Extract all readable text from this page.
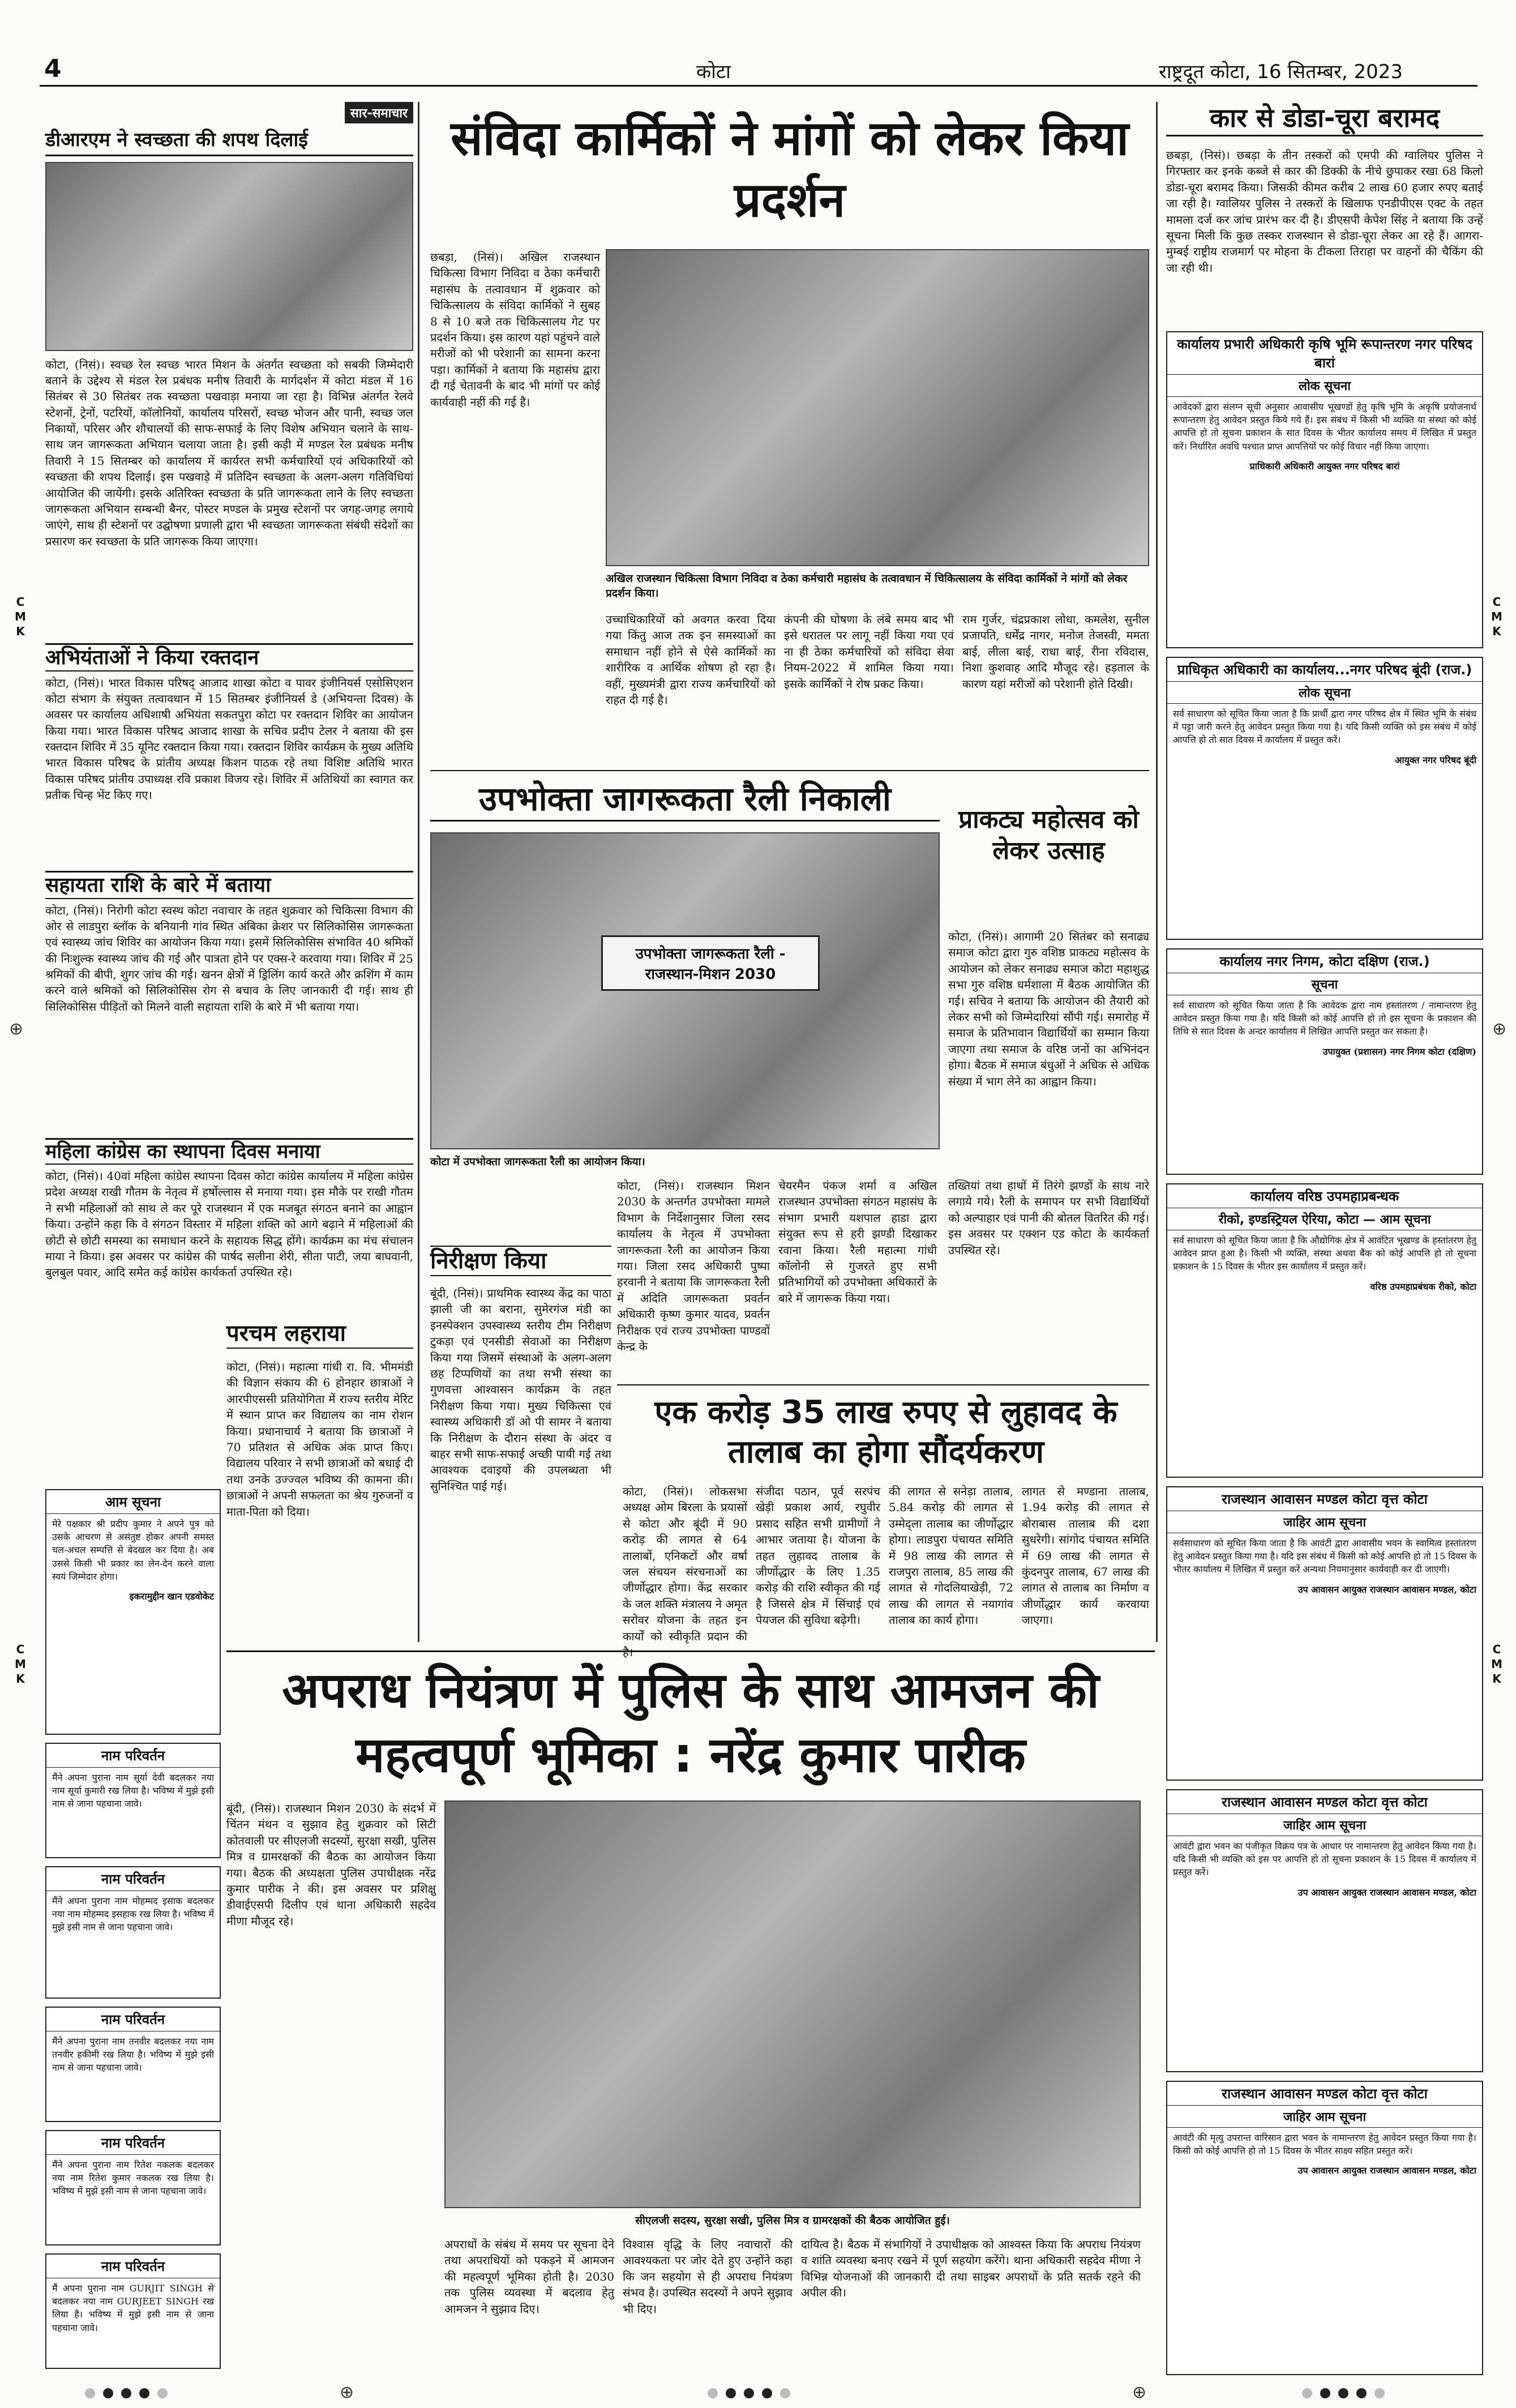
4	कोटा	राष्ट्रदूत कोटा, 16 सितम्बर, 2023
C
M
K
C
M
K
C
M
K
C
M
K
⊕	⊕
सार-समाचार
डीआरएम ने स्वच्छता की शपथ दिलाई
कोटा, (निसं)। स्वच्छ रेल स्वच्छ भारत मिशन के अंतर्गत स्वच्छता को सबकी जिम्मेदारी बताने के उद्देश्य से मंडल रेल प्रबंधक मनीष तिवारी के मार्गदर्शन में कोटा मंडल में 16 सितंबर से 30 सितंबर तक स्वच्छता पखवाड़ा मनाया जा रहा है। विभिन्न अंतर्गत रेलवे स्टेशनों, ट्रेनों, पटरियों, कॉलोनियों, कार्यालय परिसरों, स्वच्छ भोजन और पानी, स्वच्छ जल निकायों, परिसर और शौचालयों की साफ-सफाई के लिए विशेष अभियान चलाने के साथ-साथ जन जागरूकता अभियान चलाया जाता है। इसी कड़ी में मण्डल रेल प्रबंधक मनीष तिवारी ने 15 सितम्बर को कार्यालय में कार्यरत सभी कर्मचारियों एवं अधिकारियों को स्वच्छता की शपथ दिलाई। इस पखवाड़े में प्रतिदिन स्वच्छता के अलग-अलग गतिविधियां आयोजित की जायेंगी। इसके अतिरिक्त स्वच्छता के प्रति जागरूकता लाने के लिए स्वच्छता जागरूकता अभियान सम्बन्धी बैनर, पोस्टर मण्डल के प्रमुख स्टेशनों पर जगह-जगह लगाये जाएंगे, साथ ही स्टेशनों पर उद्घोषणा प्रणाली द्वारा भी स्वच्छता जागरूकता संबंधी संदेशों का प्रसारण कर स्वच्छता के प्रति जागरूक किया जाएगा।
अभियंताओं ने किया रक्तदान
कोटा, (निसं)। भारत विकास परिषद् आजाद शाखा कोटा व पावर इंजीनियर्स एसोसिएशन कोटा संभाग के संयुक्त तत्वावधान में 15 सितम्बर इंजीनियर्स डे (अभियन्ता दिवस) के अवसर पर कार्यालय अधिशाषी अभियंता सकतपुरा कोटा पर रक्तदान शिविर का आयोजन किया गया। भारत विकास परिषद आजाद शाखा के सचिव प्रदीप टेलर ने बताया की इस रक्तदान शिविर में 35 यूनिट रक्तदान किया गया। रक्तदान शिविर कार्यक्रम के मुख्य अतिथि भारत विकास परिषद के प्रांतीय अध्यक्ष किशन पाठक रहे तथा विशिष्ट अतिथि भारत विकास परिषद प्रांतीय उपाध्यक्ष रवि प्रकाश विजय रहे। शिविर में अतिथियों का स्वागत कर प्रतीक चिन्ह भेंट किए गए।
सहायता राशि के बारे में बताया
कोटा, (निसं)। निरोगी कोटा स्वस्थ कोटा नवाचार के तहत शुक्रवार को चिकित्सा विभाग की ओर से लाडपुरा ब्लॉक के बनियानी गांव स्थित अंबिका क्रेशर पर सिलिकोसिस जागरूकता एवं स्वास्थ्य जांच शिविर का आयोजन किया गया। इसमें सिलिकोसिस संभावित 40 श्रमिकों की निःशुल्क स्वास्थ्य जांच की गई और पात्रता होने पर एक्स-रे करवाया गया। शिविर में 25 श्रमिकों की बीपी, शुगर जांच की गई। खनन क्षेत्रों में ड्रिलिंग कार्य करते और क्रशिंग में काम करने वाले श्रमिकों को सिलिकोसिस रोग से बचाव के लिए जानकारी दी गई। साथ ही सिलिकोसिस पीड़ितों को मिलने वाली सहायता राशि के बारे में भी बताया गया।
महिला कांग्रेस का स्थापना दिवस मनाया
कोटा, (निसं)। 40वां महिला कांग्रेस स्थापना दिवस कोटा कांग्रेस कार्यालय में महिला कांग्रेस प्रदेश अध्यक्ष राखी गौतम के नेतृत्व में हर्षोल्लास से मनाया गया। इस मौके पर राखी गौतम ने सभी महिलाओं को साथ ले कर पूरे राजस्थान में एक मजबूत संगठन बनाने का आह्वान किया। उन्होंने कहा कि वे संगठन विस्तार में महिला शक्ति को आगे बढ़ाने में महिलाओं की छोटी से छोटी समस्या का समाधान करने के सहायक सिद्ध होंगे। कार्यक्रम का मंच संचालन माया ने किया। इस अवसर पर कांग्रेस की पार्षद सलीना शेरी, सीता पाटी, जया बाघवानी, बुलबुल पवार, आदि समेत कई कांग्रेस कार्यकर्ता उपस्थित रहे।
आम सूचना
मेरे पक्षकार श्री प्रदीप कुमार ने अपने पुत्र को उसके आचरण से असंतुष्ट होकर अपनी समस्त चल-अचल सम्पत्ति से बेदखल कर दिया है। अब उससे किसी भी प्रकार का लेन-देन करने वाला स्वयं जिम्मेदार होगा।
इकरामुद्दीन खान एडवोकेट
नाम परिवर्तन
मैंने अपना पुराना नाम सूर्या देवी बदलकर नया नाम सूर्या कुमारी रख लिया है। भविष्य में मुझे इसी नाम से जाना पहचाना जावे।
नाम परिवर्तन
मैंने अपना पुराना नाम मोहम्मद इसाक बदलकर नया नाम मोहम्मद इसहाक रख लिया है। भविष्य में मुझे इसी नाम से जाना पहचाना जावे।
नाम परिवर्तन
मैंने अपना पुराना नाम तनवीर बदलकर नया नाम तनवीर हकीमी रख लिया है। भविष्य में मुझे इसी नाम से जाना पहचाना जावे।
नाम परिवर्तन
मैंने अपना पुराना नाम रितेश नकलक बदलकर नया नाम रितेश कुमार नकलक रख लिया है। भविष्य में मुझे इसी नाम से जाना पहचाना जावे।
नाम परिवर्तन
मैं अपना पुराना नाम GURJIT SINGH से बदलकर नया नाम GURJEET SINGH रख लिया है। भविष्य में मुझे इसी नाम से जाना पहचाना जावे।
संविदा कार्मिकों ने मांगों को लेकर किया प्रदर्शन
छबड़ा, (निसं)। अखिल राजस्थान चिकित्सा विभाग निविदा व ठेका कर्मचारी महासंघ के तत्वावधान में शुक्रवार को चिकित्सालय के संविदा कार्मिकों ने सुबह 8 से 10 बजे तक चिकित्सालय गेट पर प्रदर्शन किया। इस कारण यहां पहुंचने वाले मरीजों को भी परेशानी का सामना करना पड़ा। कार्मिकों ने बताया कि महासंघ द्वारा दी गई चेतावनी के बाद भी मांगों पर कोई कार्यवाही नहीं की गई है।
अखिल राजस्थान चिकित्सा विभाग निविदा व ठेका कर्मचारी महासंघ के तत्वावधान में चिकित्सालय के संविदा कार्मिकों ने मांगों को लेकर प्रदर्शन किया।
उच्चाधिकारियों को अवगत करवा दिया गया किंतु आज तक इन समस्याओं का समाधान नहीं होने से ऐसे कार्मिकों का शारीरिक व आर्थिक शोषण हो रहा है। वहीं, मुख्यमंत्री द्वारा राज्य कर्मचारियों को राहत दी गई है।
कंपनी की घोषणा के लंबे समय बाद भी इसे धरातल पर लागू नहीं किया गया एवं ना ही ठेका कर्मचारियों को संविदा सेवा नियम-2022 में शामिल किया गया। इसके कार्मिकों ने रोष प्रकट किया।
राम गुर्जर, चंद्रप्रकाश लोधा, कमलेश, सुनील प्रजापति, धर्मेंद्र नागर, मनोज तेजस्वी, ममता बाई, लीला बाई, राधा बाई, रीना रविदास, निशा कुशवाह आदि मौजूद रहे। हड़ताल के कारण यहां मरीजों को परेशानी होते दिखी।
उपभोक्ता जागरूकता रैली निकाली
उपभोक्ता जागरूकता रैली - राजस्थान-मिशन 2030
कोटा में उपभोक्ता जागरूकता रैली का आयोजन किया।
कोटा, (निसं)। राजस्थान मिशन 2030 के अन्तर्गत उपभोक्ता मामले विभाग के निर्देशानुसार जिला रसद कार्यालय के नेतृत्व में उपभोक्ता जागरूकता रैली का आयोजन किया गया। जिला रसद अधिकारी पुष्पा हरवानी ने बताया कि जागरूकता रैली में अदिति जागरूकता प्रवर्तन अधिकारी कृष्ण कुमार यादव, प्रवर्तन निरीक्षक एवं राज्य उपभोक्ता पाण्डवों केन्द्र के
चेयरमैन पंकज शर्मा व अखिल राजस्थान उपभोक्ता संगठन महासंघ के संभाग प्रभारी यशपाल हाडा द्वारा संयुक्त रूप से हरी झण्डी दिखाकर रवाना किया। रैली महात्मा गांधी कॉलोनी से गुजरते हुए सभी प्रतिभागियों को उपभोक्ता अधिकारों के बारे में जागरूक किया गया।
प्राकट्य महोत्सव को लेकर उत्साह
कोटा, (निसं)। आगामी 20 सितंबर को सनाढ्य समाज कोटा द्वारा गुरु वशिष्ठ प्राकट्य महोत्सव के आयोजन को लेकर सनाढ्य समाज कोटा महाशुद्ध सभा गुरु वशिष्ठ धर्मशाला में बैठक आयोजित की गई। सचिव ने बताया कि आयोजन की तैयारी को लेकर सभी को जिम्मेदारियां सौंपी गई। समारोह में समाज के प्रतिभावान विद्यार्थियों का सम्मान किया जाएगा तथा समाज के वरिष्ठ जनों का अभिनंदन होगा। बैठक में समाज बंधुओं ने अधिक से अधिक संख्या में भाग लेने का आह्वान किया।
तख्तियां तथा हाथों में तिरंगे झण्डों के साथ नारे लगाये गये। रैली के समापन पर सभी विद्यार्थियों को अल्पाहार एवं पानी की बोतल वितरित की गई। इस अवसर पर एक्शन एड कोटा के कार्यकर्ता उपस्थित रहे।
परचम लहराया
कोटा, (निसं)। महात्मा गांधी रा. वि. भीममंडी की विज्ञान संकाय की 6 होनहार छात्राओं ने आरपीएससी प्रतियोगिता में राज्य स्तरीय मेरिट में स्थान प्राप्त कर विद्यालय का नाम रोशन किया। प्रधानाचार्य ने बताया कि छात्राओं ने 70 प्रतिशत से अधिक अंक प्राप्त किए। विद्यालय परिवार ने सभी छात्राओं को बधाई दी तथा उनके उज्ज्वल भविष्य की कामना की। छात्राओं ने अपनी सफलता का श्रेय गुरुजनों व माता-पिता को दिया।
निरीक्षण किया
बूंदी, (निसं)। प्राथमिक स्वास्थ्य केंद्र का पाठा झाली जी का बराना, सुमेरगंज मंडी का इनस्पेक्शन उपस्वास्थ्य स्तरीय टीम निरीक्षण टुकड़ा एवं एनसीडी सेवाओं का निरीक्षण किया गया जिसमें संस्थाओं के अलग-अलग छह टिप्पणियों का तथा सभी संस्था का गुणवत्ता आश्वासन कार्यक्रम के तहत निरीक्षण किया गया। मुख्य चिकित्सा एवं स्वास्थ्य अधिकारी डॉ ओ पी सामर ने बताया कि निरीक्षण के दौरान संस्था के अंदर व बाहर सभी साफ-सफाई अच्छी पायी गई तथा आवश्यक दवाइयों की उपलब्धता भी सुनिश्चित पाई गई।
एक करोड़ 35 लाख रुपए से लुहावद के तालाब का होगा सौंदर्यकरण
कोटा, (निसं)। लोकसभा अध्यक्ष ओम बिरला के प्रयासों से कोटा और बूंदी में 90 करोड़ की लागत से 64 तालाबों, एनिकटों और वर्षा जल संचयन संरचनाओं का जीर्णोद्धार होगा। केंद्र सरकार के जल शक्ति मंत्रालय ने अमृत सरोवर योजना के तहत इन कार्यों को स्वीकृति प्रदान की
संजीदा पठान, पूर्व सरपंच खेड़ी प्रकाश आर्य, रघुवीर प्रसाद सहित सभी ग्रामीणों ने आभार जताया है। योजना के तहत लुहावद तालाब के जीर्णोद्धार के लिए 1.35 करोड़ की राशि स्वीकृत की गई है जिससे क्षेत्र में सिंचाई एवं पेयजल की सुविधा बढ़ेगी।
की लागत से सनेड़ा तालाब, 5.84 करोड़ की लागत से उम्मेद्ला तालाब का जीर्णोद्धार होगा। लाडपुरा पंचायत समिति में 98 लाख की लागत से राजपुरा तालाब, 85 लाख की लागत से गोदलियाखेड़ी, 72 लाख की लागत से नयागांव तालाब का कार्य होगा।
लागत से मण्डाना तालाब, 1.94 करोड़ की लागत से बोराबास तालाब की दशा सुधरेगी। सांगोद पंचायत समिति में 69 लाख की लागत से कुंदनपुर तालाब, 67 लाख की लागत से तालाब का निर्माण व जीर्णोद्धार कार्य करवाया जाएगा।
अपराध नियंत्रण में पुलिस के साथ आमजन की महत्वपूर्ण भूमिका : नरेंद्र कुमार पारीक
बूंदी, (निसं)। राजस्थान मिशन 2030 के संदर्भ में चिंतन मंथन व सुझाव हेतु शुक्रवार को सिटी कोतवाली पर सीएलजी सदस्यों, सुरक्षा सखी, पुलिस मित्र व ग्रामरक्षकों की बैठक का आयोजन किया गया। बैठक की अध्यक्षता पुलिस उपाधीक्षक नरेंद्र कुमार पारीक ने की। इस अवसर पर प्रशिक्षु डीवाईएसपी दिलीप एवं थाना अधिकारी सहदेव मीणा मौजूद रहे।
सीएलजी सदस्य, सुरक्षा सखी, पुलिस मित्र व ग्रामरक्षकों की बैठक आयोजित हुई।
अपराधों के संबंध में समय पर सूचना देने तथा अपराधियों को पकड़ने में आमजन की महत्वपूर्ण भूमिका होती है। 2030 तक पुलिस व्यवस्था में बदलाव हेतु आमजन ने सुझाव दिए।
विश्वास वृद्धि के लिए नवाचारों की आवश्यकता पर जोर देते हुए उन्होंने कहा कि जन सहयोग से ही अपराध नियंत्रण संभव है। उपस्थित सदस्यों ने अपने सुझाव भी दिए।
दायित्व है। बैठक में संभागियों ने उपाधीक्षक को आश्वस्त किया कि अपराध नियंत्रण व शांति व्यवस्था बनाए रखने में पूर्ण सहयोग करेंगे। थाना अधिकारी सहदेव मीणा ने विभिन्न योजनाओं की जानकारी दी तथा साइबर अपराधों के प्रति सतर्क रहने की अपील की।
कार से डोडा-चूरा बरामद
छबड़ा, (निसं)। छबड़ा के तीन तस्करों को एमपी की ग्वालियर पुलिस ने गिरफ्तार कर इनके कब्जे से कार की डिक्की के नीचे छुपाकर रखा 68 किलो डोडा-चूरा बरामद किया। जिसकी कीमत करीब 2 लाख 60 हजार रुपए बताई जा रही है। ग्वालियर पुलिस ने तस्करों के खिलाफ एनडीपीएस एक्ट के तहत मामला दर्ज कर जांच प्रारंभ कर दी है। डीएसपी केपेश सिंह ने बताया कि उन्हें सूचना मिली कि कुछ तस्कर राजस्थान से डोडा-चूरा लेकर आ रहे हैं। आगरा-मुम्बई राष्ट्रीय राजमार्ग पर मोहना के टीकला तिराहा पर वाहनों की चैकिंग की जा रही थी।
कार्यालय प्रभारी अधिकारी कृषि भूमि रूपान्तरण नगर परिषद बारां
लोक सूचना
आवेदकों द्वारा संलग्न सूची अनुसार आवासीय भूखण्डों हेतु कृषि भूमि के अकृषि प्रयोजनार्थ रूपान्तरण हेतु आवेदन प्रस्तुत किये गये हैं। इस संबंध में किसी भी व्यक्ति या संस्था को कोई आपत्ति हो तो सूचना प्रकाशन के सात दिवस के भीतर कार्यालय समय में लिखित में प्रस्तुत करें। निर्धारित अवधि पश्चात प्राप्त आपत्तियों पर कोई विचार नहीं किया जाएगा।
प्राधिकारी अधिकारी आयुक्त नगर परिषद बारां
प्राधिकृत अधिकारी का कार्यालय...नगर परिषद बूंदी (राज.)
लोक सूचना
सर्व साधारण को सूचित किया जाता है कि प्रार्थी द्वारा नगर परिषद क्षेत्र में स्थित भूमि के संबंध में पट्टा जारी करने हेतु आवेदन प्रस्तुत किया गया है। यदि किसी व्यक्ति को इस संबंध में कोई आपत्ति हो तो सात दिवस में कार्यालय में प्रस्तुत करें।
आयुक्त नगर परिषद बूंदी
कार्यालय नगर निगम, कोटा दक्षिण (राज.)
सूचना
सर्व साधारण को सूचित किया जाता है कि आवेदक द्वारा नाम हस्तांतरण / नामान्तरण हेतु आवेदन प्रस्तुत किया गया है। यदि किसी को कोई आपत्ति हो तो इस सूचना के प्रकाशन की तिथि से सात दिवस के अन्दर कार्यालय में लिखित आपत्ति प्रस्तुत कर सकता है।
उपायुक्त (प्रशासन) नगर निगम कोटा (दक्षिण)
कार्यालय वरिष्ठ उपमहाप्रबन्धक
रीको, इण्डस्ट्रियल ऐरिया, कोटा — आम सूचना
सर्व साधारण को सूचित किया जाता है कि औद्योगिक क्षेत्र में आवंटित भूखण्ड के हस्तांतरण हेतु आवेदन प्राप्त हुआ है। किसी भी व्यक्ति, संस्था अथवा बैंक को कोई आपत्ति हो तो सूचना प्रकाशन के 15 दिवस के भीतर इस कार्यालय में प्रस्तुत करें।
वरिष्ठ उपमहाप्रबंधक रीको, कोटा
राजस्थान आवासन मण्डल कोटा वृत्त कोटा
जाहिर आम सूचना
सर्वसाधारण को सूचित किया जाता है कि आवंटी द्वारा आवासीय भवन के स्वामित्व हस्तांतरण हेतु आवेदन प्रस्तुत किया गया है। यदि इस संबंध में किसी को कोई आपत्ति हो तो 15 दिवस के भीतर कार्यालय में लिखित में प्रस्तुत करें अन्यथा नियमानुसार कार्यवाही कर दी जाएगी।
उप आवासन आयुक्त राजस्थान आवासन मण्डल, कोटा
राजस्थान आवासन मण्डल कोटा वृत्त कोटा
जाहिर आम सूचना
आवंटी द्वारा भवन का पंजीकृत विक्रय पत्र के आधार पर नामान्तरण हेतु आवेदन किया गया है। यदि किसी भी व्यक्ति को इस पर आपत्ति हो तो सूचना प्रकाशन के 15 दिवस में कार्यालय में प्रस्तुत करें।
उप आवासन आयुक्त राजस्थान आवासन मण्डल, कोटा
राजस्थान आवासन मण्डल कोटा वृत्त कोटा
जाहिर आम सूचना
आवंटी की मृत्यु उपरान्त वारिसान द्वारा भवन के नामान्तरण हेतु आवेदन प्रस्तुत किया गया है। किसी को कोई आपत्ति हो तो 15 दिवस के भीतर साक्ष्य सहित प्रस्तुत करें।
उप आवासन आयुक्त राजस्थान आवासन मण्डल, कोटा
⊕	⊕
